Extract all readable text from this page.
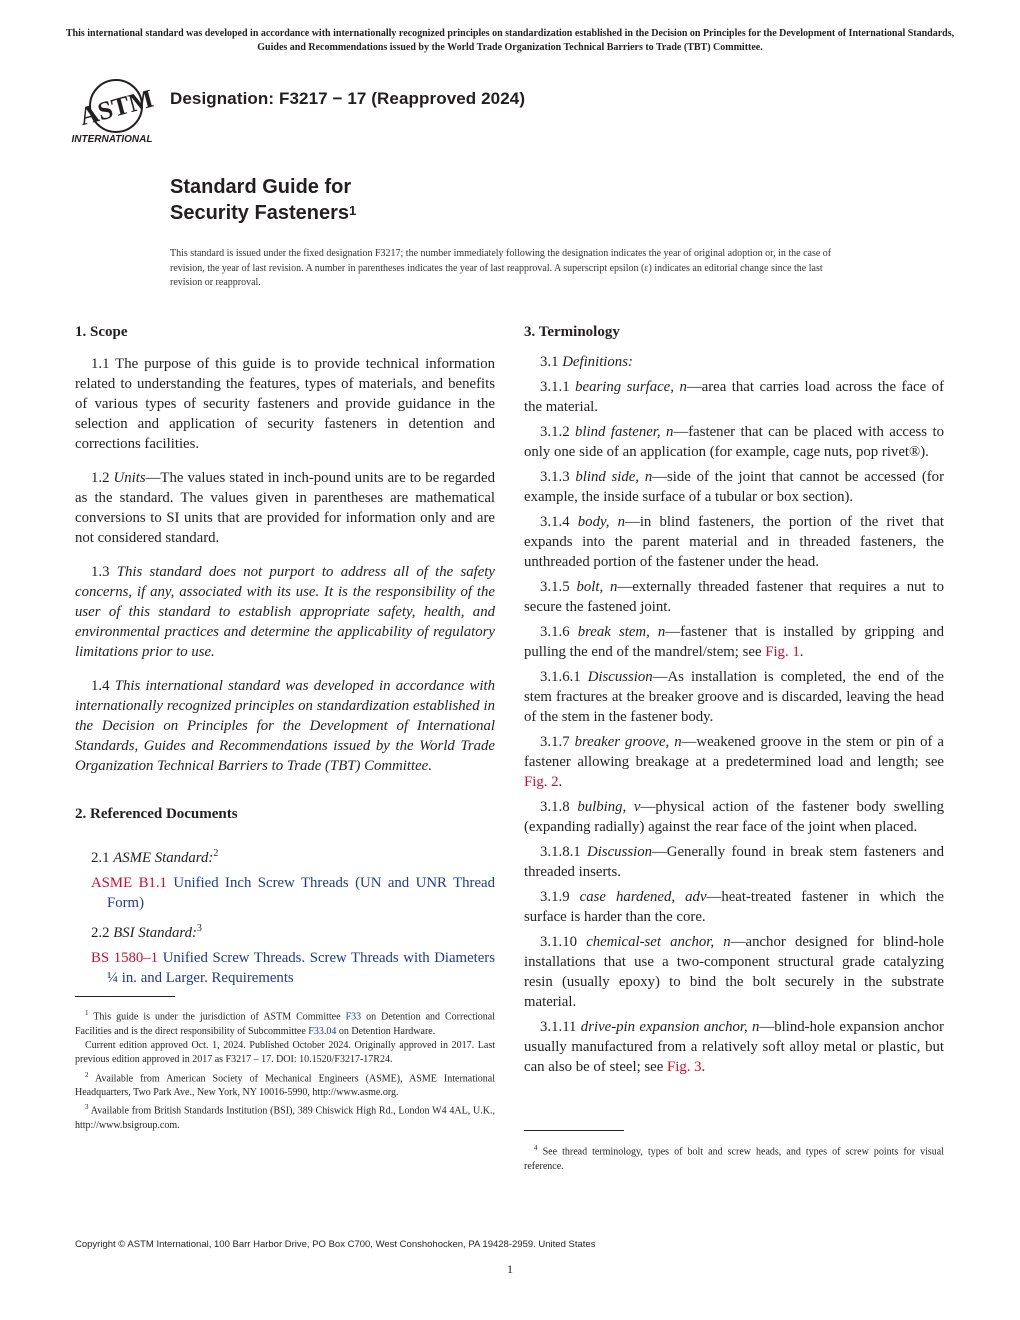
This international standard was developed in accordance with internationally recognized principles on standardization established in the Decision on Principles for the Development of International Standards, Guides and Recommendations issued by the World Trade Organization Technical Barriers to Trade (TBT) Committee.
ASTM
INTERNATIONAL
Designation: F3217 − 17 (Reapproved 2024)
Standard Guide for
Security Fasteners$^1$
This standard is issued under the fixed designation F3217; the number immediately following the designation indicates the year of original adoption or, in the case of revision, the year of last revision. A number in parentheses indicates the year of last reapproval. A superscript epsilon (ε) indicates an editorial change since the last revision or reapproval.
1. Scope

1.1 The purpose of this guide is to provide technical information related to understanding the features, types of materials, and benefits of various types of security fasteners and provide guidance in the selection and application of security fasteners in detention and corrections facilities.

1.2 Units—The values stated in inch-pound units are to be regarded as the standard. The values given in parentheses are mathematical conversions to SI units that are provided for information only and are not considered standard.

1.3 This standard does not purport to address all of the safety concerns, if any, associated with its use. It is the responsibility of the user of this standard to establish appropriate safety, health, and environmental practices and determine the applicability of regulatory limitations prior to use.

1.4 This international standard was developed in accordance with internationally recognized principles on standardization established in the Decision on Principles for the Development of International Standards, Guides and Recommendations issued by the World Trade Organization Technical Barriers to Trade (TBT) Committee.

2. Referenced Documents

2.1 ASME Standard:$^2$

ASME B1.1 Unified Inch Screw Threads (UN and UNR Thread Form)

2.2 BSI Standard:$^3$

BS 1580–1 Unified Screw Threads. Screw Threads with Diameters ¼ in. and Larger. Requirements

3. Terminology

3.1 Definitions:

3.1.1 bearing surface, n—area that carries load across the face of the material.

3.1.2 blind fastener, n—fastener that can be placed with access to only one side of an application (for example, cage nuts, pop rivet®).

3.1.3 blind side, n—side of the joint that cannot be accessed (for example, the inside surface of a tubular or box section).

3.1.4 body, n—in blind fasteners, the portion of the rivet that expands into the parent material and in threaded fasteners, the unthreaded portion of the fastener under the head.

3.1.5 bolt, n—externally threaded fastener that requires a nut to secure the fastened joint.

3.1.6 break stem, n—fastener that is installed by gripping and pulling the end of the mandrel/stem; see Fig. 1.

3.1.6.1 Discussion—As installation is completed, the end of the stem fractures at the breaker groove and is discarded, leaving the head of the stem in the fastener body.

3.1.7 breaker groove, n—weakened groove in the stem or pin of a fastener allowing breakage at a predetermined load and length; see Fig. 2.

3.1.8 bulbing, v—physical action of the fastener body swelling (expanding radially) against the rear face of the joint when placed.

3.1.8.1 Discussion—Generally found in break stem fasteners and threaded inserts.

3.1.9 case hardened, adv—heat-treated fastener in which the surface is harder than the core.

3.1.10 chemical-set anchor, n—anchor designed for blind-hole installations that use a two-component structural grade catalyzing resin (usually epoxy) to bind the bolt securely in the substrate material.

3.1.11 drive-pin expansion anchor, n—blind-hole expansion anchor usually manufactured from a relatively soft alloy metal or plastic, but can also be of steel; see Fig. 3.

$^1$ This guide is under the jurisdiction of ASTM Committee F33 on Detention and Correctional Facilities and is the direct responsibility of Subcommittee F33.04 on Detention Hardware.

Current edition approved Oct. 1, 2024. Published October 2024. Originally approved in 2017. Last previous edition approved in 2017 as F3217 – 17. DOI: 10.1520/F3217-17R24.

$^2$ Available from American Society of Mechanical Engineers (ASME), ASME International Headquarters, Two Park Ave., New York, NY 10016-5990, http://www.asme.org.

$^3$ Available from British Standards Institution (BSI), 389 Chiswick High Rd., London W4 4AL, U.K., http://www.bsigroup.com.

$^4$ See thread terminology, types of bolt and screw heads, and types of screw points for visual reference.

Copyright © ASTM International, 100 Barr Harbor Drive, PO Box C700, West Conshohocken, PA 19428-2959. United States
1
